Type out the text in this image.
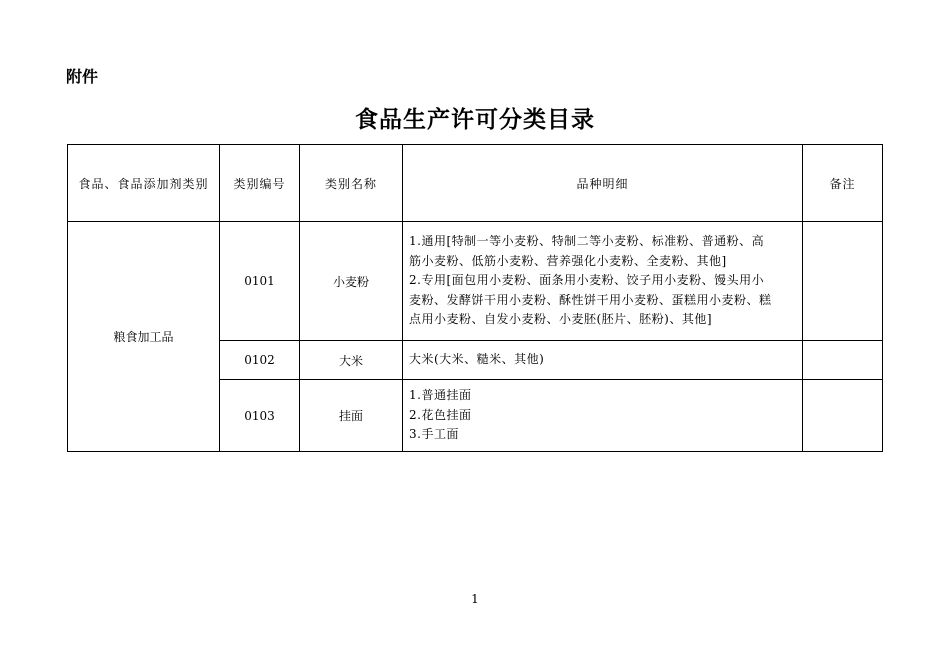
附件
食品生产许可分类目录
食品、食品添加剂类别	类别编号	类别名称	品种明细	备注
粮食加工品	0101	小麦粉	1.通用[特制一等小麦粉、特制二等小麦粉、标准粉、普通粉、高
筋小麦粉、低筋小麦粉、营养强化小麦粉、全麦粉、其他]
2.专用[面包用小麦粉、面条用小麦粉、饺子用小麦粉、馒头用小
麦粉、发酵饼干用小麦粉、酥性饼干用小麦粉、蛋糕用小麦粉、糕
点用小麦粉、自发小麦粉、小麦胚(胚片、胚粉)、其他]	

	0102	大米	大米(大米、糙米、其他)	

	0103	挂面	1.普通挂面
2.花色挂面
3.手工面	

1
